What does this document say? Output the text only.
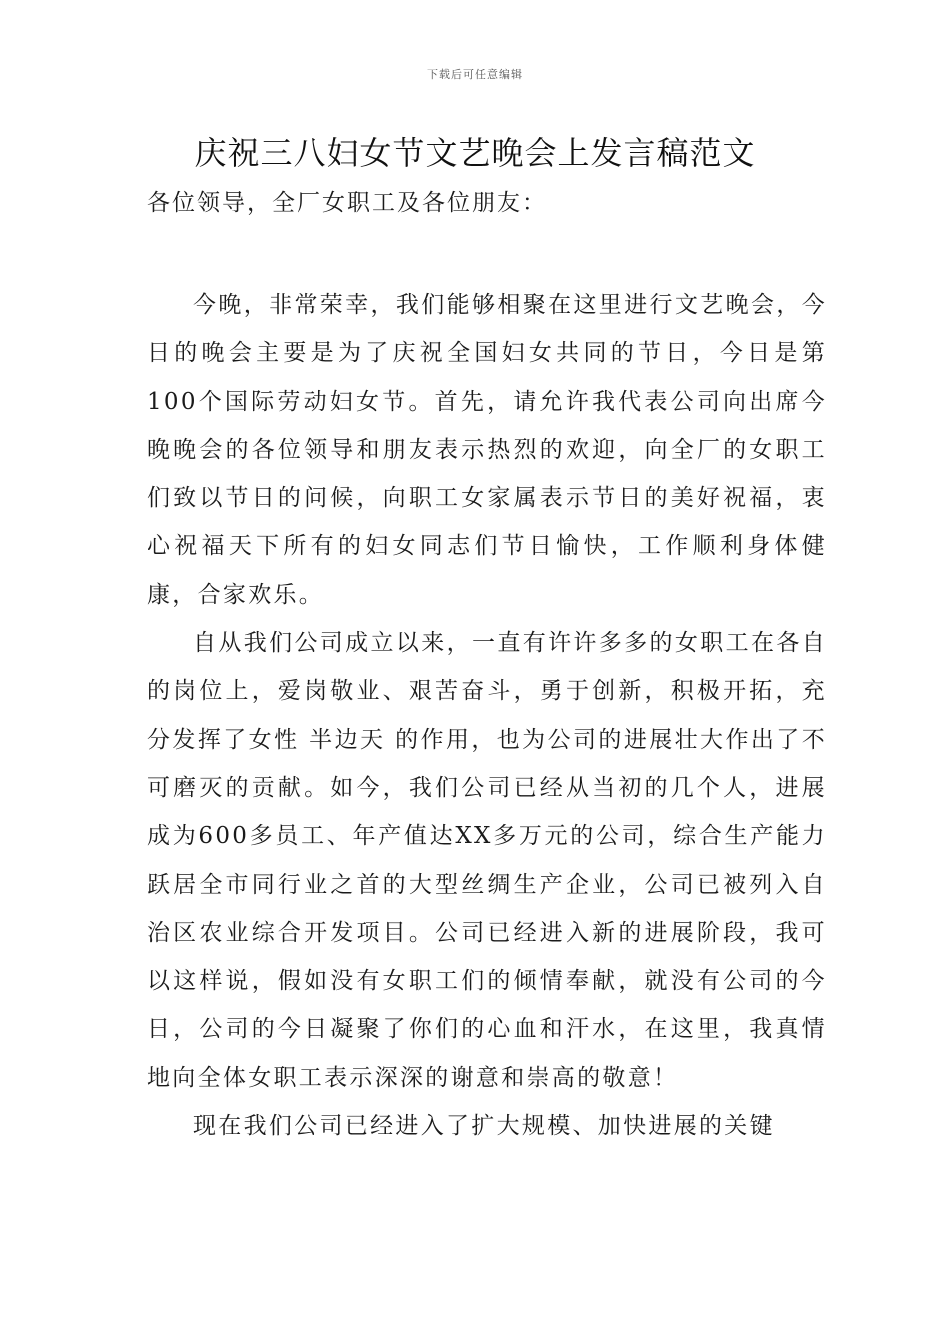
下载后可任意编辑
庆祝三八妇女节文艺晚会上发言稿范文

各位领导，全厂女职工及各位朋友：

今晚，非常荣幸，我们能够相聚在这里进行文艺晚会，今日的晚会主要是为了庆祝全国妇女共同的节日，今日是第100个国际劳动妇女节。首先，请允许我代表公司向出席今晚晚会的各位领导和朋友表示热烈的欢迎，向全厂的女职工们致以节日的问候，向职工女家属表示节日的美好祝福，衷心祝福天下所有的妇女同志们节日愉快，工作顺利身体健康，合家欢乐。

自从我们公司成立以来，一直有许许多多的女职工在各自的岗位上，爱岗敬业、艰苦奋斗，勇于创新，积极开拓，充分发挥了女性 半边天 的作用，也为公司的进展壮大作出了不可磨灭的贡献。如今，我们公司已经从当初的几个人，进展成为600多员工、年产值达XX多万元的公司，综合生产能力跃居全市同行业之首的大型丝绸生产企业，公司已被列入自治区农业综合开发项目。公司已经进入新的进展阶段，我可以这样说，假如没有女职工们的倾情奉献，就没有公司的今日，公司的今日凝聚了你们的心血和汗水，在这里，我真情地向全体女职工表示深深的谢意和崇高的敬意！

现在我们公司已经进入了扩大规模、加快进展的关键
